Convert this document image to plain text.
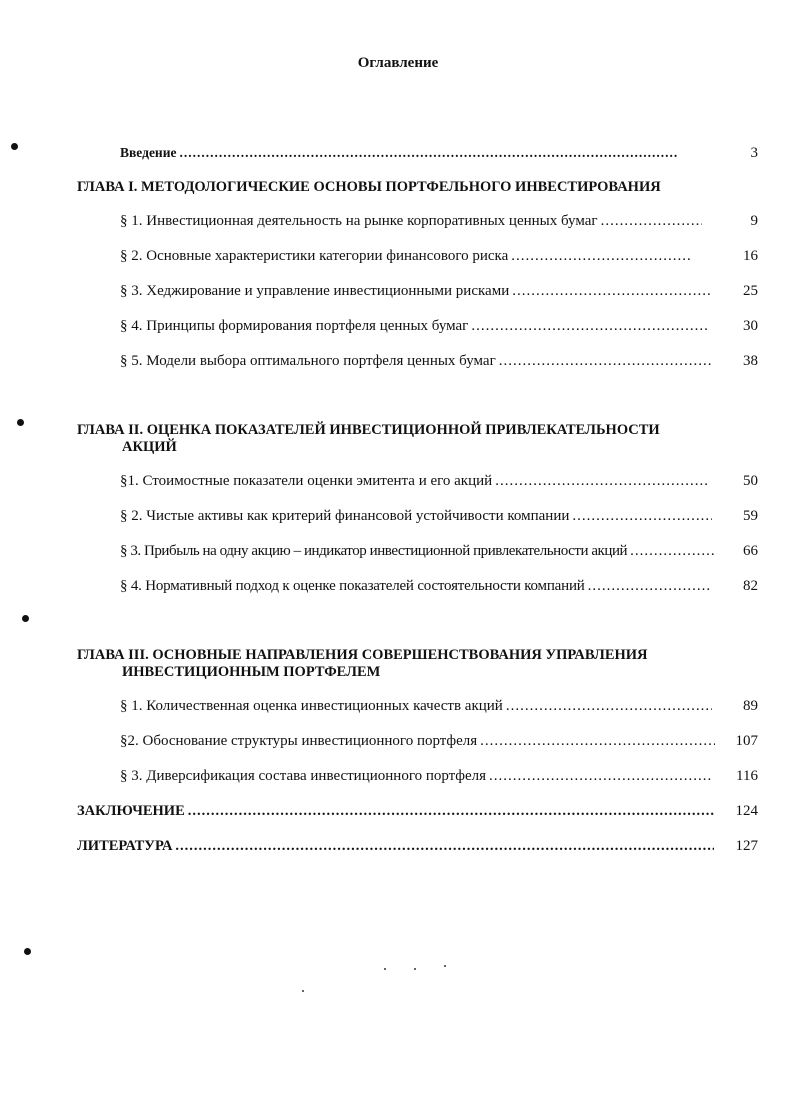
Оглавление
Введение .....	3
ГЛАВА I. МЕТОДОЛОГИЧЕСКИЕ ОСНОВЫ ПОРТФЕЛЬНОГО ИНВЕСТИРОВАНИЯ
§ 1. Инвестиционная деятельность на рынке корпоративных ценных бумаг .....	9
§ 2. Основные характеристики категории финансового риска .....	16
§ 3. Хеджирование и управление инвестиционными рисками .....	25
§ 4. Принципы формирования портфеля ценных бумаг .....	30
§ 5. Модели выбора оптимального портфеля ценных бумаг .....	38
ГЛАВА II. ОЦЕНКА ПОКАЗАТЕЛЕЙ ИНВЕСТИЦИОННОЙ ПРИВЛЕКАТЕЛЬНОСТИ
АКЦИЙ
§1. Стоимостные показатели оценки эмитента и его акций .....	50
§ 2. Чистые активы как критерий финансовой устойчивости компании .....	59
§ 3. Прибыль на одну акцию – индикатор инвестиционной привлекательности акций .....	66
§ 4. Нормативный подход к оценке показателей состоятельности компаний .....	82
ГЛАВА III. ОСНОВНЫЕ НАПРАВЛЕНИЯ СОВЕРШЕНСТВОВАНИЯ УПРАВЛЕНИЯ
ИНВЕСТИЦИОННЫМ ПОРТФЕЛЕМ
§ 1. Количественная оценка инвестиционных качеств акций .....	89
§2. Обоснование структуры инвестиционного портфеля .....	107
§ 3. Диверсификация состава инвестиционного портфеля .....	116
ЗАКЛЮЧЕНИЕ .....	124
ЛИТЕРАТУРА .....	127
